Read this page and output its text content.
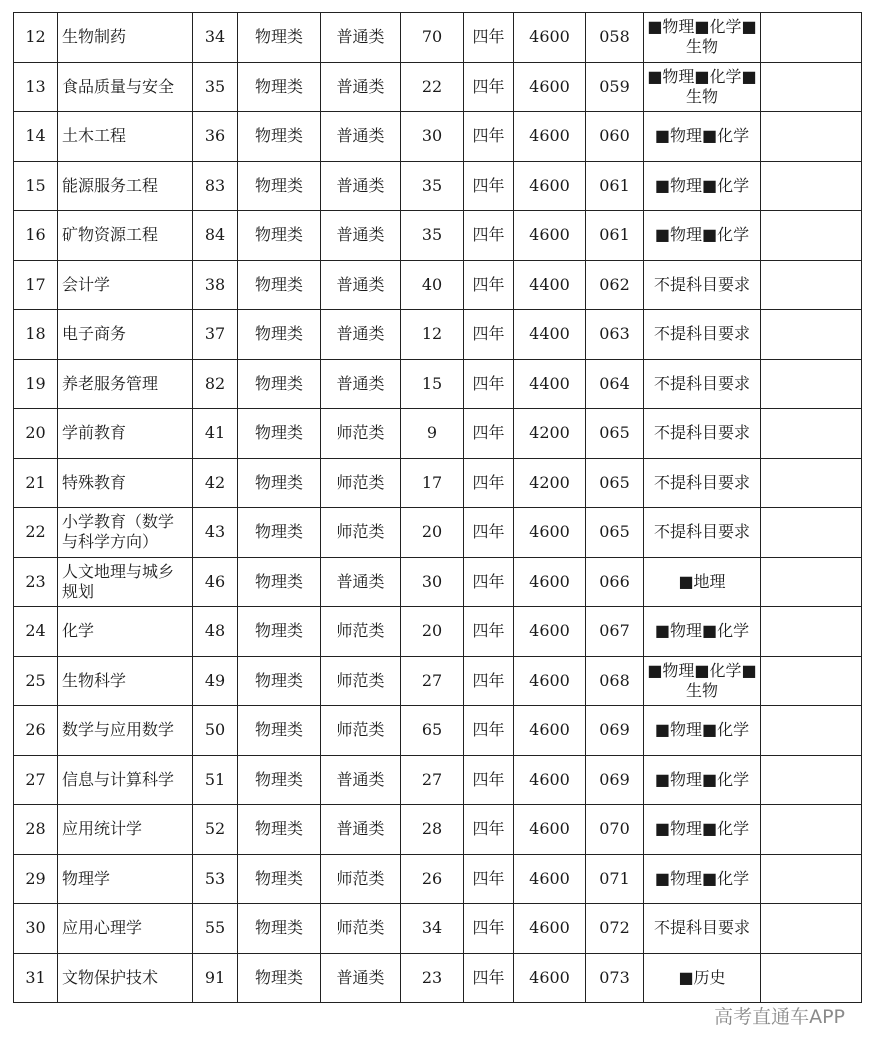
12	生物制药	34	物理类	普通类	70	四年	4600	058	■物理■化学■生物	
13	食品质量与安全	35	物理类	普通类	22	四年	4600	059	■物理■化学■生物	
14	土木工程	36	物理类	普通类	30	四年	4600	060	■物理■化学	
15	能源服务工程	83	物理类	普通类	35	四年	4600	061	■物理■化学	
16	矿物资源工程	84	物理类	普通类	35	四年	4600	061	■物理■化学	
17	会计学	38	物理类	普通类	40	四年	4400	062	不提科目要求	
18	电子商务	37	物理类	普通类	12	四年	4400	063	不提科目要求	
19	养老服务管理	82	物理类	普通类	15	四年	4400	064	不提科目要求	
20	学前教育	41	物理类	师范类	9	四年	4200	065	不提科目要求	
21	特殊教育	42	物理类	师范类	17	四年	4200	065	不提科目要求	
22	小学教育（数学与科学方向）	43	物理类	师范类	20	四年	4600	065	不提科目要求	
23	人文地理与城乡规划	46	物理类	普通类	30	四年	4600	066	■地理	
24	化学	48	物理类	师范类	20	四年	4600	067	■物理■化学	
25	生物科学	49	物理类	师范类	27	四年	4600	068	■物理■化学■生物	
26	数学与应用数学	50	物理类	师范类	65	四年	4600	069	■物理■化学	
27	信息与计算科学	51	物理类	普通类	27	四年	4600	069	■物理■化学	
28	应用统计学	52	物理类	普通类	28	四年	4600	070	■物理■化学	
29	物理学	53	物理类	师范类	26	四年	4600	071	■物理■化学	
30	应用心理学	55	物理类	师范类	34	四年	4600	072	不提科目要求	
31	文物保护技术	91	物理类	普通类	23	四年	4600	073	■历史	
高考直通车APP
